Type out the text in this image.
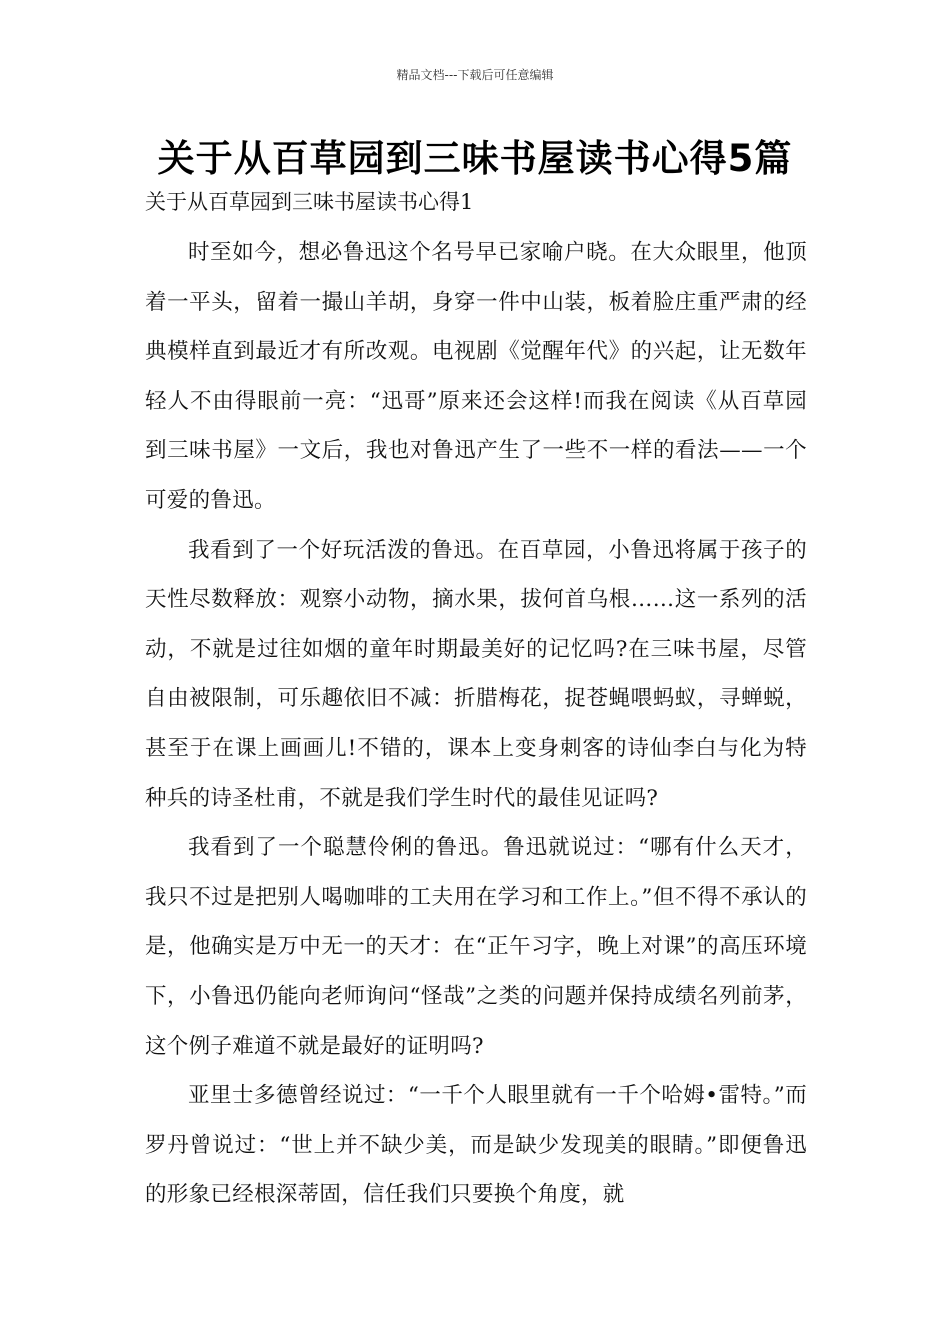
精品文档---下载后可任意编辑
关于从百草园到三味书屋读书心得5篇
关于从百草园到三味书屋读书心得1

时至如今，想必鲁迅这个名号早已家喻户晓。在大众眼里，他顶着一平头，留着一撮山羊胡，身穿一件中山装，板着脸庄重严肃的经典模样直到最近才有所改观。电视剧《觉醒年代》的兴起，让无数年轻人不由得眼前一亮：“迅哥”原来还会这样!而我在阅读《从百草园到三味书屋》一文后，我也对鲁迅产生了一些不一样的看法——一个可爱的鲁迅。

我看到了一个好玩活泼的鲁迅。在百草园，小鲁迅将属于孩子的天性尽数释放：观察小动物，摘水果，拔何首乌根……这一系列的活动，不就是过往如烟的童年时期最美好的记忆吗?在三味书屋，尽管自由被限制，可乐趣依旧不减：折腊梅花，捉苍蝇喂蚂蚁，寻蝉蜕，甚至于在课上画画儿!不错的，课本上变身刺客的诗仙李白与化为特种兵的诗圣杜甫，不就是我们学生时代的最佳见证吗?

我看到了一个聪慧伶俐的鲁迅。鲁迅就说过：“哪有什么天才，我只不过是把别人喝咖啡的工夫用在学习和工作上。”但不得不承认的是，他确实是万中无一的天才：在“正午习字，晚上对课”的高压环境下，小鲁迅仍能向老师询问“怪哉”之类的问题并保持成绩名列前茅，这个例子难道不就是最好的证明吗?

亚里士多德曾经说过：“一千个人眼里就有一千个哈姆•雷特。”而罗丹曾说过：“世上并不缺少美，而是缺少发现美的眼睛。”即便鲁迅的形象已经根深蒂固，信任我们只要换个角度，就
